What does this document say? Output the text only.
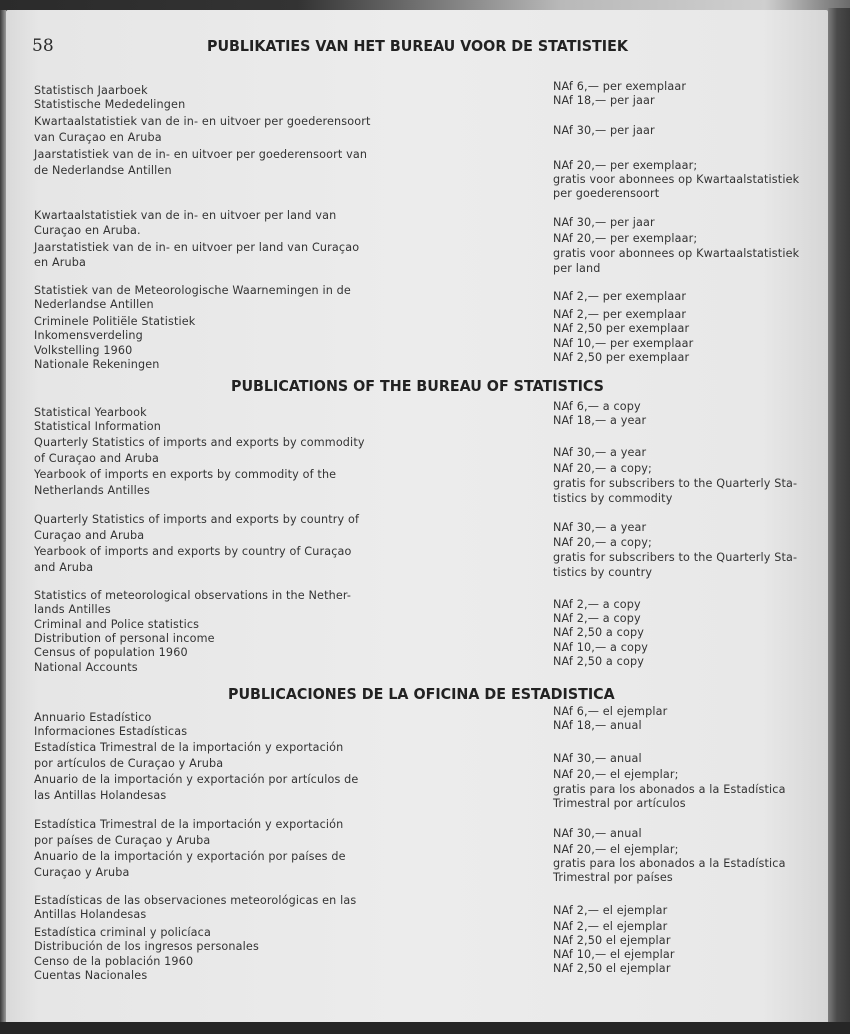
58	PUBLIKATIES VAN HET BUREAU VOOR DE STATISTIEK
Statistisch Jaarboek
Statistische Mededelingen
Kwartaalstatistiek van de in- en uitvoer per goederensoort
van Curaçao en Aruba
Jaarstatistiek van de in- en uitvoer per goederensoort van
de Nederlandse Antillen
Kwartaalstatistiek van de in- en uitvoer per land van
Curaçao en Aruba.
Jaarstatistiek van de in- en uitvoer per land van Curaçao
en Aruba
Statistiek van de Meteorologische Waarnemingen in de
Nederlandse Antillen
Criminele Politiële Statistiek
Inkomensverdeling
Volkstelling 1960
Nationale Rekeningen
NAf 6,— per exemplaar
NAf 18,— per jaar
NAf 30,— per jaar
NAf 20,— per exemplaar;
gratis voor abonnees op Kwartaalstatistiek
per goederensoort
NAf 30,— per jaar
NAf 20,— per exemplaar;
gratis voor abonnees op Kwartaalstatistiek
per land
NAf 2,— per exemplaar
NAf 2,— per exemplaar
NAf 2,50 per exemplaar
NAf 10,— per exemplaar
NAf 2,50 per exemplaar
PUBLICATIONS OF THE BUREAU OF STATISTICS
Statistical Yearbook
Statistical Information
Quarterly Statistics of imports and exports by commodity
of Curaçao and Aruba
Yearbook of imports en exports by commodity of the
Netherlands Antilles
Quarterly Statistics of imports and exports by country of
Curaçao and Aruba
Yearbook of imports and exports by country of Curaçao
and Aruba
Statistics of meteorological observations in the Nether-
lands Antilles
Criminal and Police statistics
Distribution of personal income
Census of population 1960
National Accounts
NAf 6,— a copy
NAf 18,— a year
NAf 30,— a year
NAf 20,— a copy;
gratis for subscribers to the Quarterly Sta-
tistics by commodity
NAf 30,— a year
NAf 20,— a copy;
gratis for subscribers to the Quarterly Sta-
tistics by country
NAf 2,— a copy
NAf 2,— a copy
NAf 2,50 a copy
NAf 10,— a copy
NAf 2,50 a copy
PUBLICACIONES DE LA OFICINA DE ESTADISTICA
Annuario Estadístico
Informaciones Estadísticas
Estadística Trimestral de la importación y exportación
por artículos de Curaçao y Aruba
Anuario de la importación y exportación por artículos de
las Antillas Holandesas
Estadística Trimestral de la importación y exportación
por países de Curaçao y Aruba
Anuario de la importación y exportación por países de
Curaçao y Aruba
Estadísticas de las observaciones meteorológicas en las
Antillas Holandesas
Estadística criminal y policíaca
Distribución de los ingresos personales
Censo de la población 1960
Cuentas Nacionales
NAf 6,— el ejemplar
NAf 18,— anual
NAf 30,— anual
NAf 20,— el ejemplar;
gratis para los abonados a la Estadística
Trimestral por artículos
NAf 30,— anual
NAf 20,— el ejemplar;
gratis para los abonados a la Estadística
Trimestral por países
NAf 2,— el ejemplar
NAf 2,— el ejemplar
NAf 2,50 el ejemplar
NAf 10,— el ejemplar
NAf 2,50 el ejemplar
